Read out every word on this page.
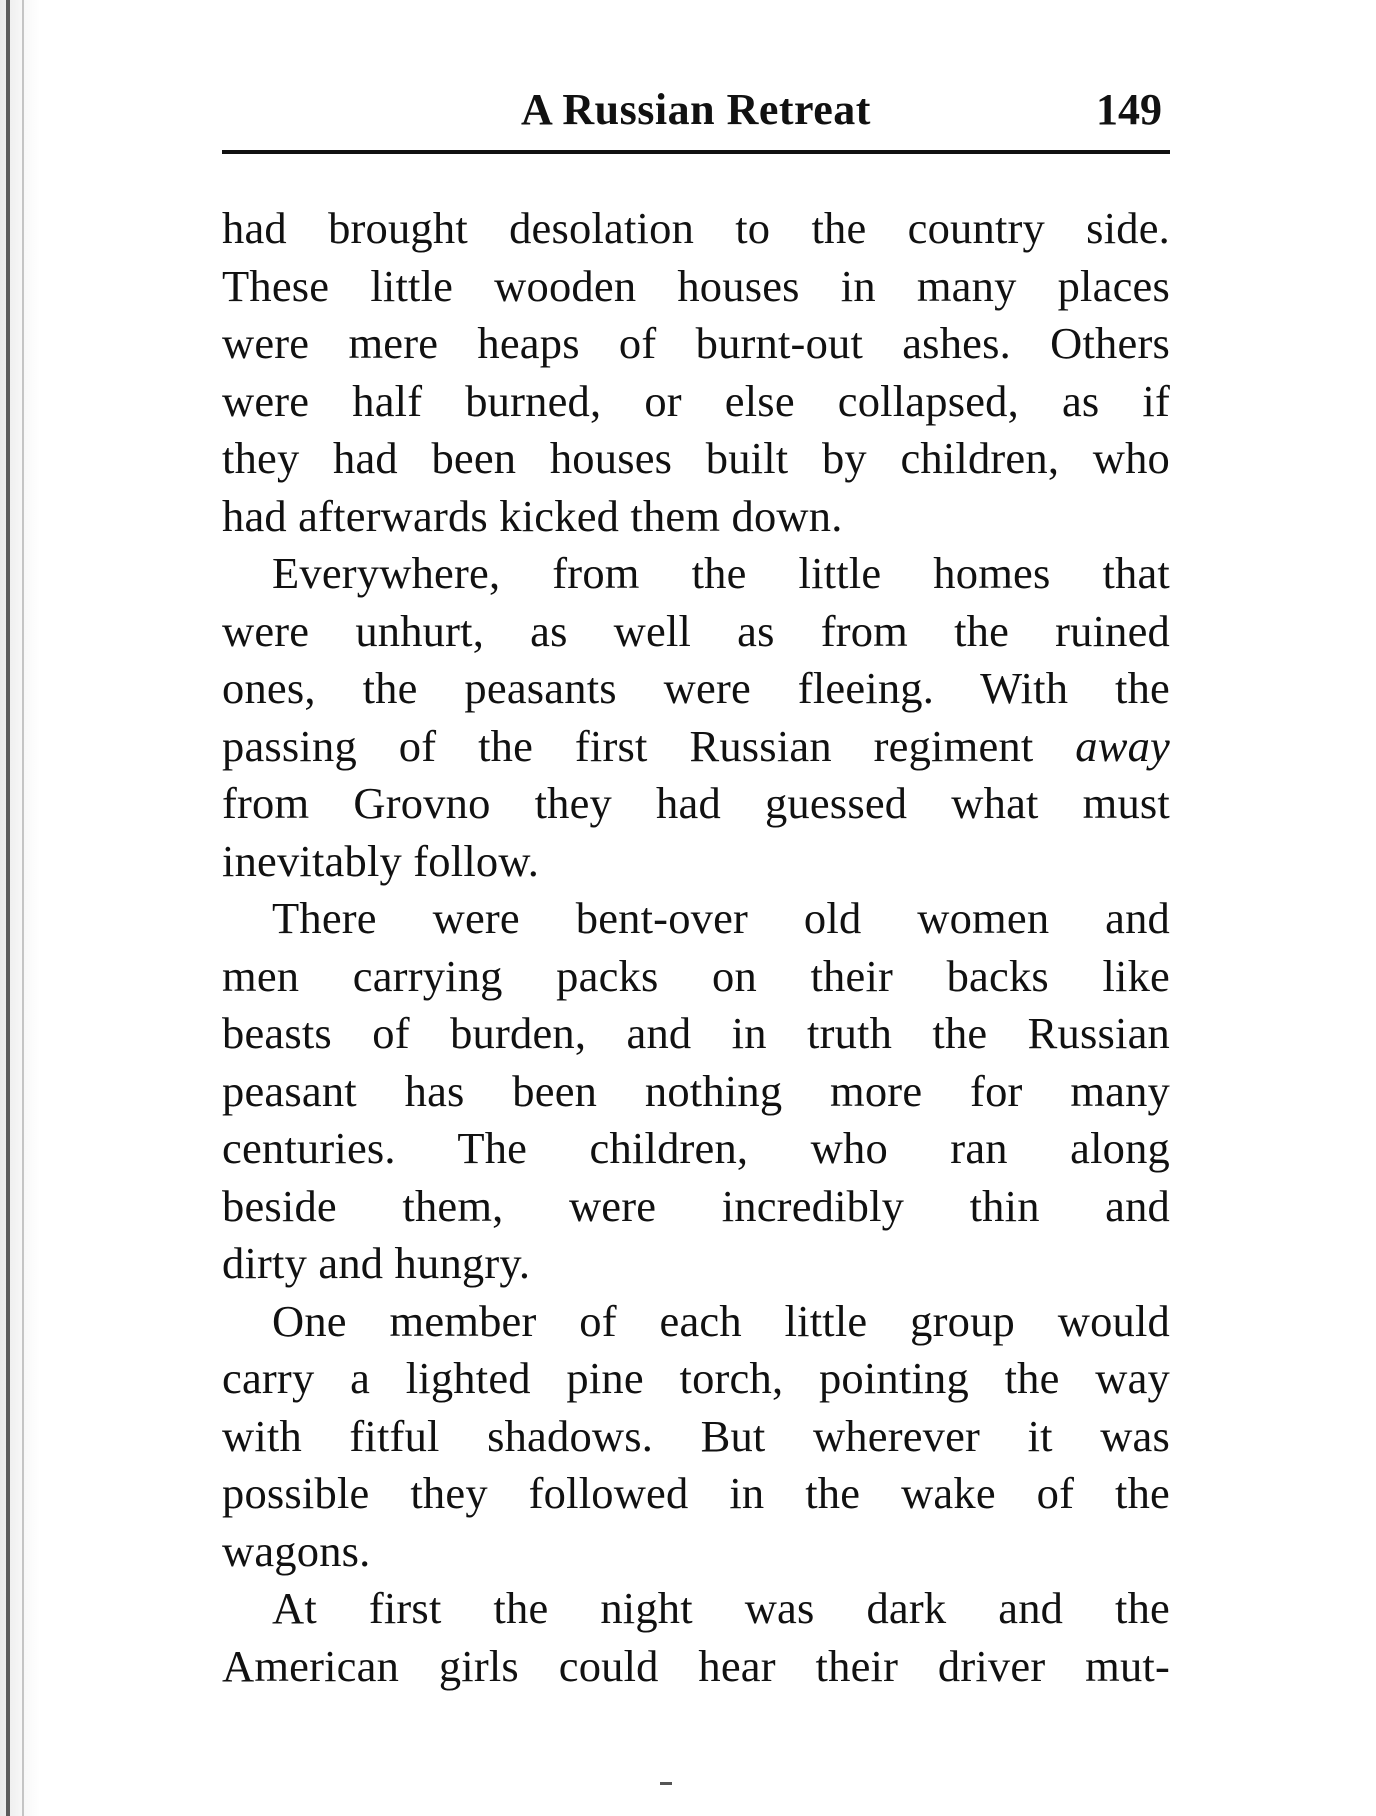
A Russian Retreat	149
had brought desolation to the country side.
These little wooden houses in many places
were mere heaps of burnt-out ashes. Others
were half burned, or else collapsed, as if
they had been houses built by children, who
had afterwards kicked them down.
Everywhere, from the little homes that
were unhurt, as well as from the ruined
ones, the peasants were fleeing. With the
passing of the first Russian regiment away
from Grovno they had guessed what must
inevitably follow.
There were bent-over old women and
men carrying packs on their backs like
beasts of burden, and in truth the Russian
peasant has been nothing more for many
centuries. The children, who ran along
beside them, were incredibly thin and
dirty and hungry.
One member of each little group would
carry a lighted pine torch, pointing the way
with fitful shadows. But wherever it was
possible they followed in the wake of the
wagons.
At first the night was dark and the
American girls could hear their driver mut-
